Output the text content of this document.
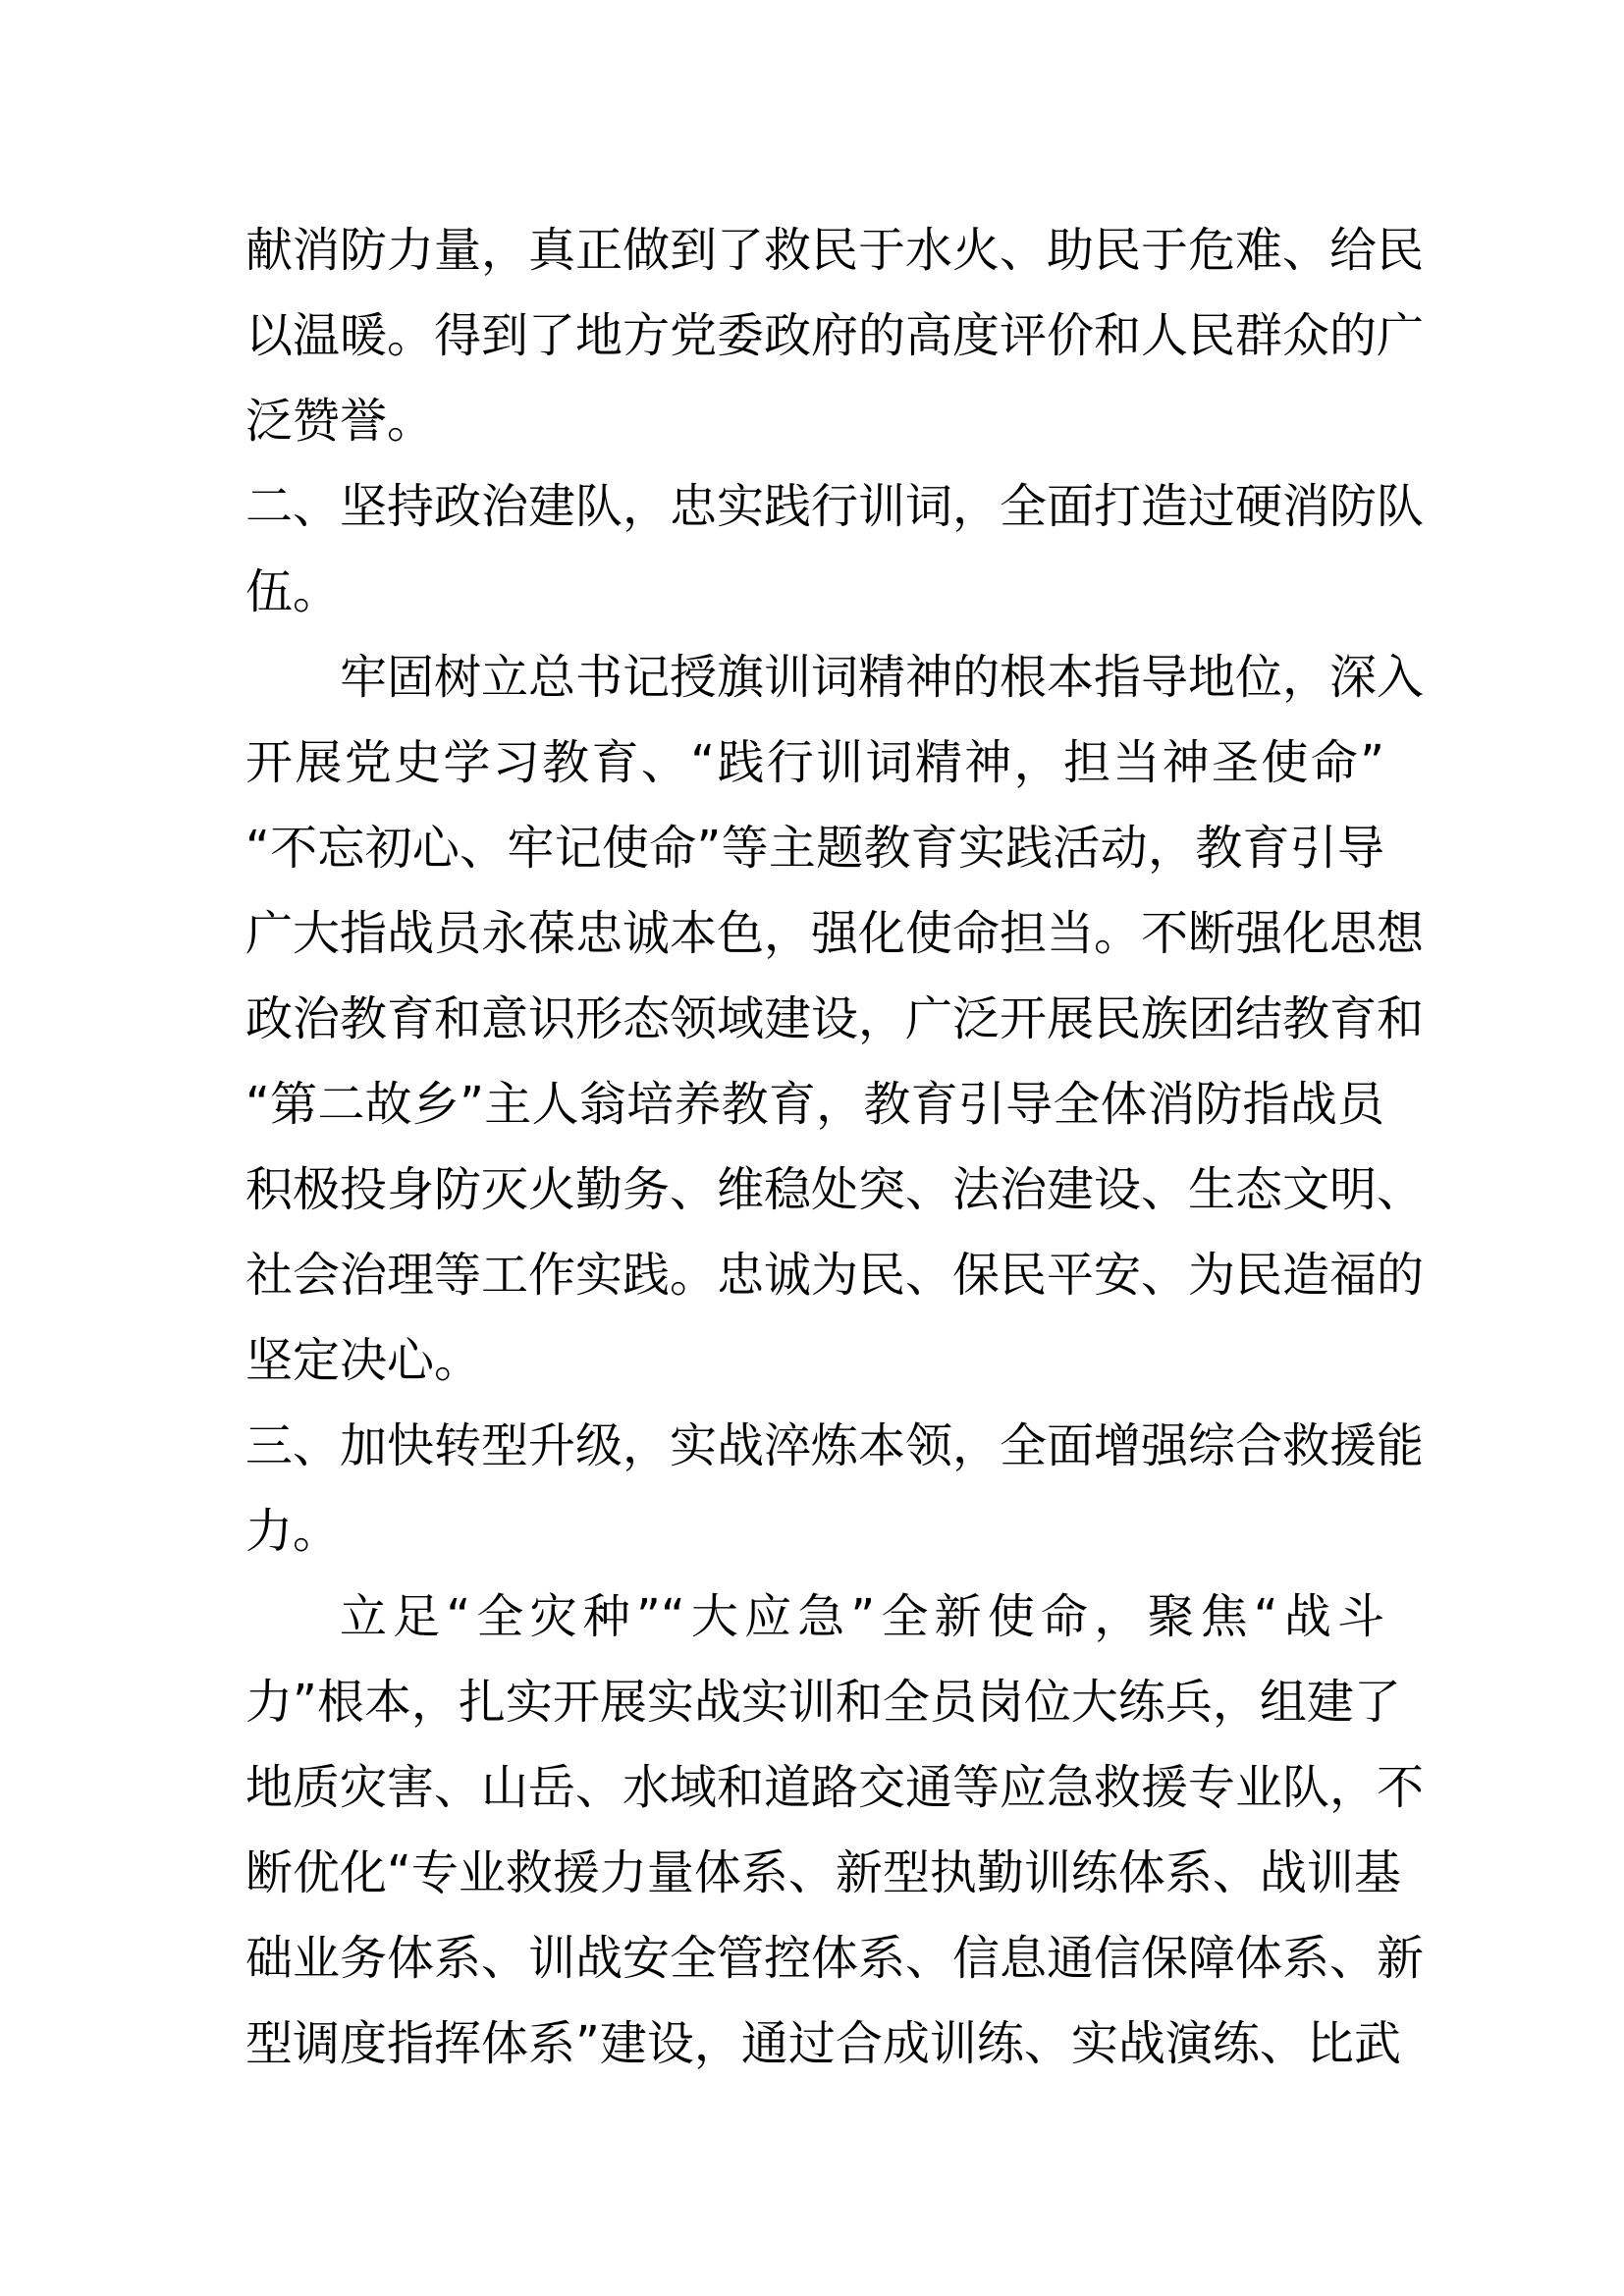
献消防力量，真正做到了救民于水火、助民于危难、给民
以温暖。得到了地方党委政府的高度评价和人民群众的广
泛赞誉。
二、坚持政治建队，忠实践行训词，全面打造过硬消防队
伍。
牢固树立总书记授旗训词精神的根本指导地位，深入
开展党史学习教育、“践行训词精神，担当神圣使命”
“不忘初心、牢记使命”等主题教育实践活动，教育引导
广大指战员永葆忠诚本色，强化使命担当。不断强化思想
政治教育和意识形态领域建设，广泛开展民族团结教育和
“第二故乡”主人翁培养教育，教育引导全体消防指战员
积极投身防灭火勤务、维稳处突、法治建设、生态文明、
社会治理等工作实践。忠诚为民、保民平安、为民造福的
坚定决心。
三、加快转型升级，实战淬炼本领，全面增强综合救援能
力。
立足“全灾种”“大应急”全新使命，聚焦“战斗
力”根本，扎实开展实战实训和全员岗位大练兵，组建了
地质灾害、山岳、水域和道路交通等应急救援专业队，不
断优化“专业救援力量体系、新型执勤训练体系、战训基
础业务体系、训战安全管控体系、信息通信保障体系、新
型调度指挥体系”建设，通过合成训练、实战演练、比武
